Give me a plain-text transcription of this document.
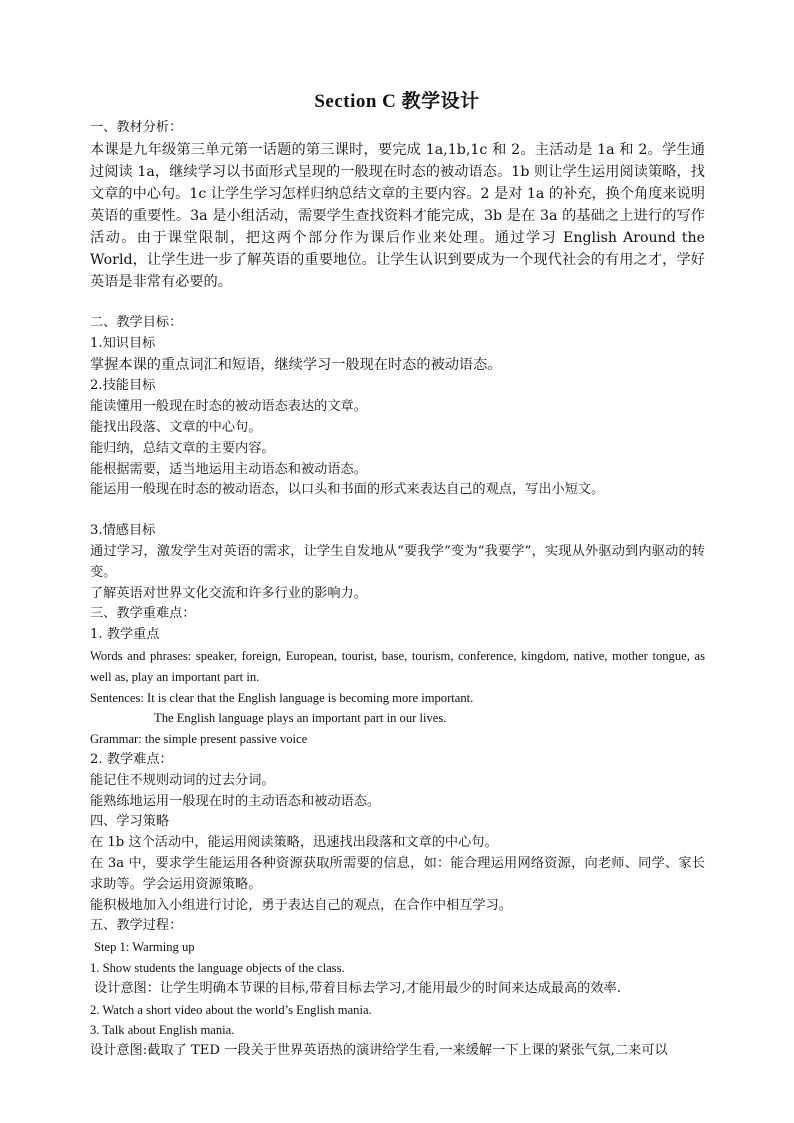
Section C 教学设计
一、教材分析：
本课是九年级第三单元第一话题的第三课时，要完成 1a,1b,1c 和 2。主活动是 1a 和 2。学生通过阅读 1a，继续学习以书面形式呈现的一般现在时态的被动语态。1b 则让学生运用阅读策略，找文章的中心句。1c 让学生学习怎样归纳总结文章的主要内容。2 是对 1a 的补充，换个角度来说明英语的重要性。3a 是小组活动，需要学生查找资料才能完成，3b 是在 3a 的基础之上进行的写作活动。由于课堂限制，把这两个部分作为课后作业来处理。通过学习 English Around the World，让学生进一步了解英语的重要地位。让学生认识到要成为一个现代社会的有用之才，学好英语是非常有必要的。
二、教学目标：
1.知识目标
掌握本课的重点词汇和短语，继续学习一般现在时态的被动语态。
2.技能目标
能读懂用一般现在时态的被动语态表达的文章。
能找出段落、文章的中心句。
能归纳，总结文章的主要内容。
能根据需要，适当地运用主动语态和被动语态。
能运用一般现在时态的被动语态，以口头和书面的形式来表达自己的观点，写出小短文。
3.情感目标
通过学习，激发学生对英语的需求，让学生自发地从“要我学”变为“我要学”，实现从外驱动到内驱动的转变。
了解英语对世界文化交流和许多行业的影响力。
三、教学重难点：
1. 教学重点
Words and phrases: speaker, foreign, European, tourist, base, tourism, conference, kingdom, native, mother tongue, as well as, play an important part in.
Sentences: It is clear that the English language is becoming more important.
The English language plays an important part in our lives.
Grammar: the simple present passive voice
2. 教学难点：
能记住不规则动词的过去分词。
能熟练地运用一般现在时的主动语态和被动语态。
四、学习策略
在 1b 这个活动中，能运用阅读策略，迅速找出段落和文章的中心句。
在 3a 中，要求学生能运用各种资源获取所需要的信息，如：能合理运用网络资源，向老师、同学、家长求助等。学会运用资源策略。
能积极地加入小组进行讨论，勇于表达自己的观点，在合作中相互学习。
五、教学过程：
Step 1: Warming up
1. Show students the language objects of the class.
设计意图：让学生明确本节课的目标,带着目标去学习,才能用最少的时间来达成最高的效率.
2. Watch a short video about the world’s English mania.
3. Talk about English mania.
设计意图:截取了 TED 一段关于世界英语热的演讲给学生看,一来缓解一下上课的紧张气氛,二来可以
